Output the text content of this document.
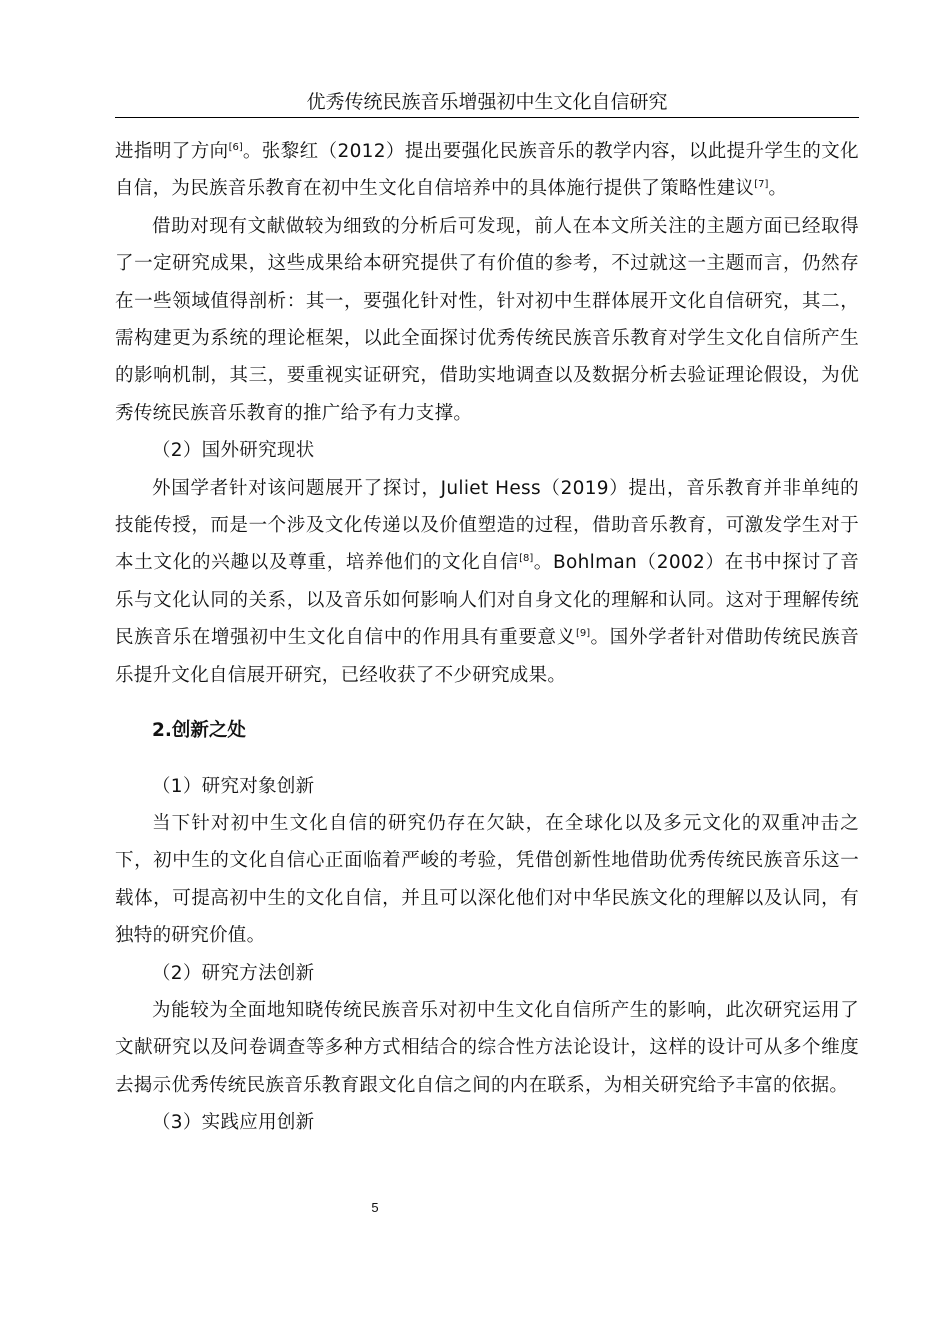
优秀传统民族音乐增强初中生文化自信研究

进指明了方向[6]。张黎红（2012）提出要强化民族音乐的教学内容，以此提升学生的文化自信，为民族音乐教育在初中生文化自信培养中的具体施行提供了策略性建议[7]。

借助对现有文献做较为细致的分析后可发现，前人在本文所关注的主题方面已经取得了一定研究成果，这些成果给本研究提供了有价值的参考，不过就这一主题而言，仍然存在一些领域值得剖析：其一，要强化针对性，针对初中生群体展开文化自信研究，其二，需构建更为系统的理论框架，以此全面探讨优秀传统民族音乐教育对学生文化自信所产生的影响机制，其三，要重视实证研究，借助实地调查以及数据分析去验证理论假设，为优秀传统民族音乐教育的推广给予有力支撑。

（2）国外研究现状

外国学者针对该问题展开了探讨，Juliet Hess（2019）提出，音乐教育并非单纯的技能传授，而是一个涉及文化传递以及价值塑造的过程，借助音乐教育，可激发学生对于本土文化的兴趣以及尊重，培养他们的文化自信[8]。Bohlman（2002）在书中探讨了音乐与文化认同的关系，以及音乐如何影响人们对自身文化的理解和认同。这对于理解传统民族音乐在增强初中生文化自信中的作用具有重要意义[9]。国外学者针对借助传统民族音乐提升文化自信展开研究，已经收获了不少研究成果。

2.创新之处

（1）研究对象创新

当下针对初中生文化自信的研究仍存在欠缺，在全球化以及多元文化的双重冲击之下，初中生的文化自信心正面临着严峻的考验，凭借创新性地借助优秀传统民族音乐这一载体，可提高初中生的文化自信，并且可以深化他们对中华民族文化的理解以及认同，有独特的研究价值。

（2）研究方法创新

为能较为全面地知晓传统民族音乐对初中生文化自信所产生的影响，此次研究运用了文献研究以及问卷调查等多种方式相结合的综合性方法论设计，这样的设计可从多个维度去揭示优秀传统民族音乐教育跟文化自信之间的内在联系，为相关研究给予丰富的依据。

（3）实践应用创新

5
